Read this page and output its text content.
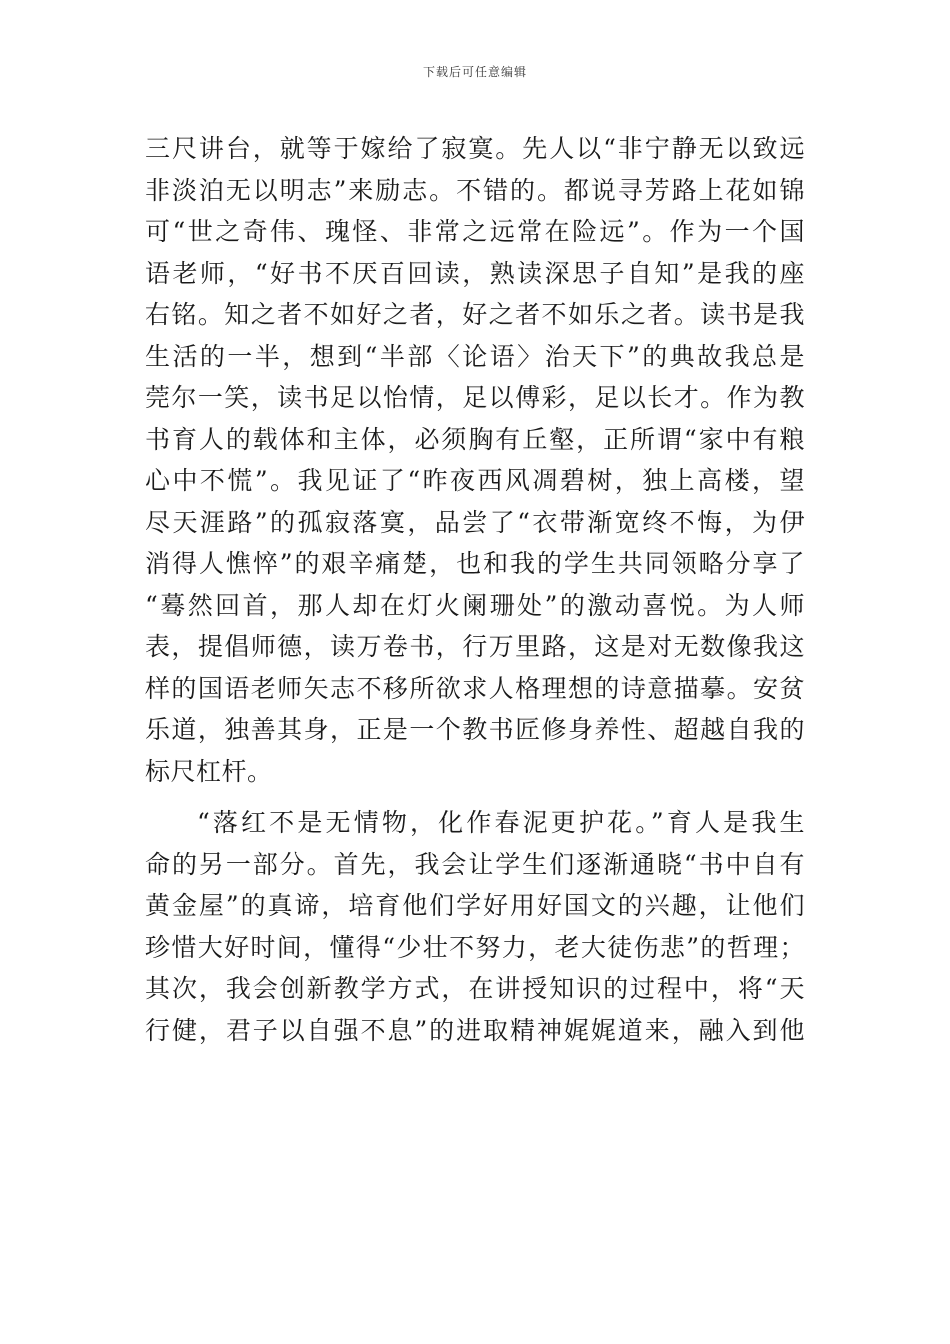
下载后可任意编辑
三尺讲台，就等于嫁给了寂寞。先人以“非宁静无以致远
非淡泊无以明志”来励志。不错的。都说寻芳路上花如锦
可“世之奇伟、瑰怪、非常之远常在险远”。作为一个国
语老师，“好书不厌百回读，熟读深思子自知”是我的座
右铭。知之者不如好之者，好之者不如乐之者。读书是我
生活的一半，想到“半部〈论语〉治天下”的典故我总是
莞尔一笑，读书足以怡情，足以傅彩，足以长才。作为教
书育人的载体和主体，必须胸有丘壑，正所谓“家中有粮
心中不慌”。我见证了“昨夜西风凋碧树，独上高楼，望
尽天涯路”的孤寂落寞，品尝了“衣带渐宽终不悔，为伊
消得人憔悴”的艰辛痛楚，也和我的学生共同领略分享了
“蓦然回首，那人却在灯火阑珊处”的激动喜悦。为人师
表，提倡师德，读万卷书，行万里路，这是对无数像我这
样的国语老师矢志不移所欲求人格理想的诗意描摹。安贫
乐道，独善其身，正是一个教书匠修身养性、超越自我的
标尺杠杆。
“落红不是无情物，化作春泥更护花。”育人是我生
命的另一部分。首先，我会让学生们逐渐通晓“书中自有
黄金屋”的真谛，培育他们学好用好国文的兴趣，让他们
珍惜大好时间，懂得“少壮不努力，老大徒伤悲”的哲理；
其次，我会创新教学方式，在讲授知识的过程中，将“天
行健，君子以自强不息”的进取精神娓娓道来，融入到他
